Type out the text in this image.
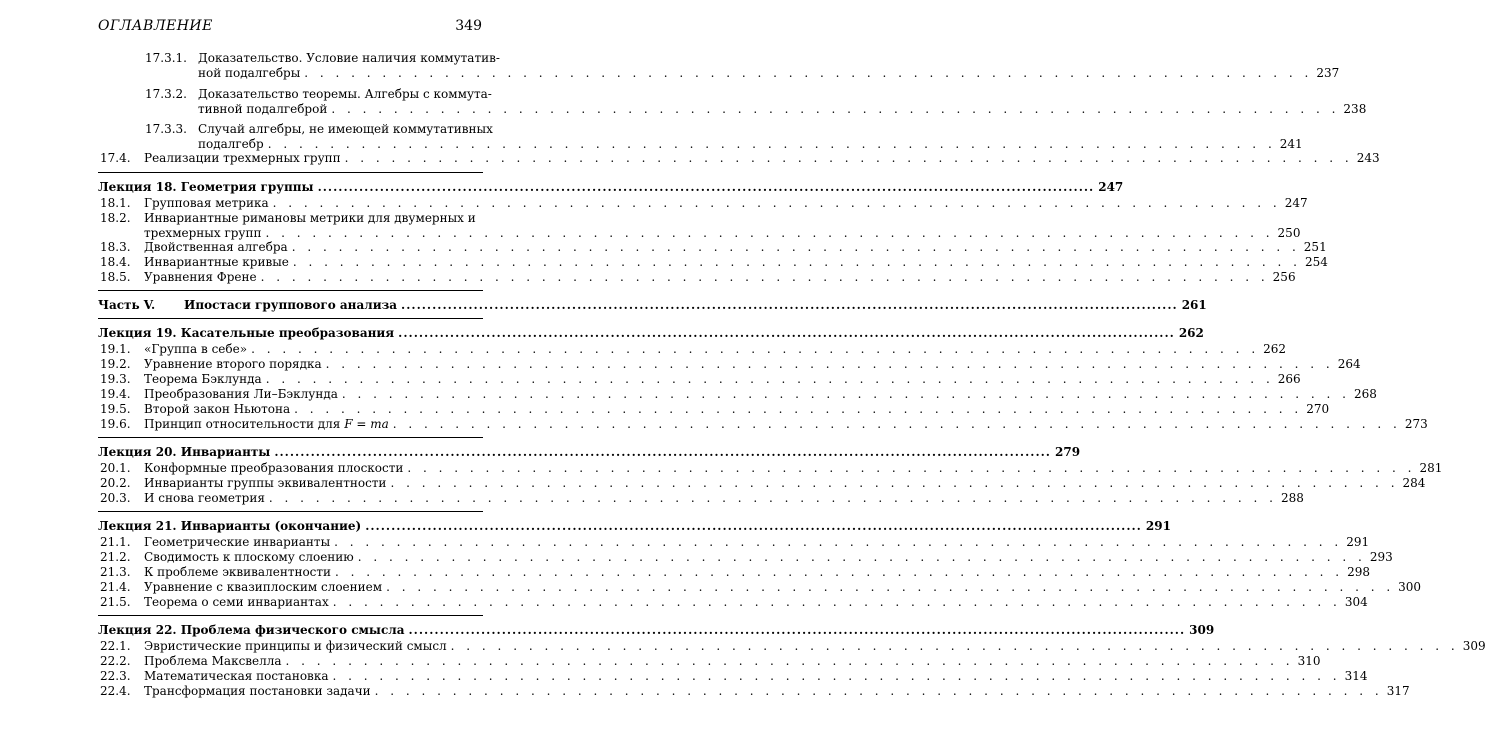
ОГЛАВЛЕНИЕ	349
17.3.1. Доказательство. Условие наличия коммутатив-
ной подалгебры . . .	237
17.3.2. Доказательство теоремы. Алгебры с коммута-
тивной подалгеброй . . .	238
17.3.3. Случай алгебры, не имеющей коммутативных
подалгебр . . .	241
17.4.	Реализации трехмерных групп . . .	243
Лекция 18. Геометрия группы .....	247
18.1.	Групповая метрика . . .	247
18.2.	Инвариантные римановы метрики для двумерных и
трехмерных групп . . .	250
18.3.	Двойственная алгебра . . .	251
18.4.	Инвариантные кривые . . .	254
18.5.	Уравнения Френе . . .	256
Часть V.	Ипостаси группового анализа .....	261
Лекция 19. Касательные преобразования .....	262
19.1.	«Группа в себе» . . .	262
19.2.	Уравнение второго порядка . . .	264
19.3.	Теорема Бэклунда . . .	266
19.4.	Преобразования Ли–Бэклунда . . .	268
19.5.	Второй закон Ньютона . . .	270
19.6.	Принцип относительности для
F = ma . . .	273
Лекция 20. Инварианты .....	279
20.1.	Конформные преобразования плоскости . . .	281
20.2.	Инварианты группы эквивалентности . . .	284
20.3.	И снова геометрия . . .	288
Лекция 21. Инварианты (окончание) .....	291
21.1.	Геометрические инварианты . . .	291
21.2.	Сводимость к плоскому слоению . . .	293
21.3.	К проблеме эквивалентности . . .	298
21.4.	Уравнение с квазиплоским слоением . . .	300
21.5.	Теорема о семи инвариантах . . .	304
Лекция 22. Проблема физического смысла .....	309
22.1.	Эвристические принципы и физический смысл . . .	309
22.2.	Проблема Максвелла . . .	310
22.3.	Математическая постановка . . .	314
22.4.	Трансформация постановки задачи . . .	317
